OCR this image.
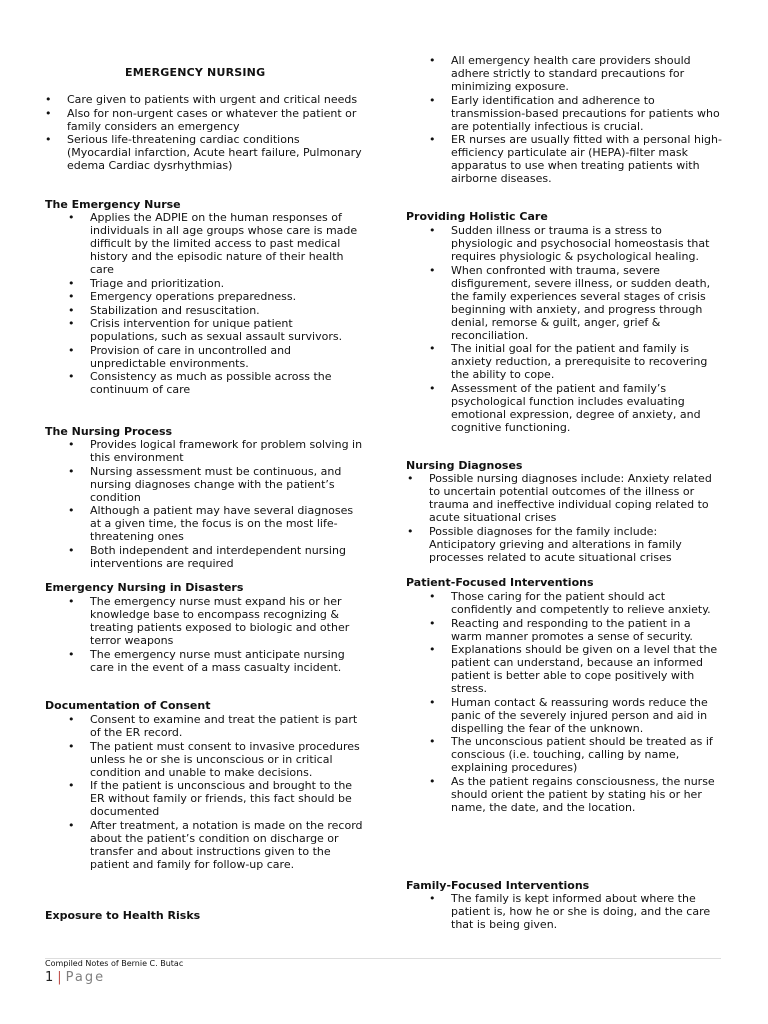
EMERGENCY NURSING
• Care given to patients with urgent and critical needs
• Also for non-urgent cases or whatever the patient or family considers an emergency
• Serious life-threatening cardiac conditions (Myocardial infarction, Acute heart failure, Pulmonary edema Cardiac dysrhythmias)
The Emergency Nurse
• Applies the ADPIE on the human responses of individuals in all age groups whose care is made difficult by the limited access to past medical history and the episodic nature of their health care
• Triage and prioritization.
• Emergency operations preparedness.
• Stabilization and resuscitation.
• Crisis intervention for unique patient populations, such as sexual assault survivors.
• Provision of care in uncontrolled and unpredictable environments.
• Consistency as much as possible across the continuum of care
The Nursing Process
• Provides logical framework for problem solving in this environment
• Nursing assessment must be continuous, and nursing diagnoses change with the patient’s condition
• Although a patient may have several diagnoses at a given time, the focus is on the most life-threatening ones
• Both independent and interdependent nursing interventions are required
Emergency Nursing in Disasters
• The emergency nurse must expand his or her knowledge base to encompass recognizing & treating patients exposed to biologic and other terror weapons
• The emergency nurse must anticipate nursing care in the event of a mass casualty incident.
Documentation of Consent
• Consent to examine and treat the patient is part of the ER record.
• The patient must consent to invasive procedures unless he or she is unconscious or in critical condition and unable to make decisions.
• If the patient is unconscious and brought to the ER without family or friends, this fact should be documented
• After treatment, a notation is made on the record about the patient’s condition on discharge or transfer and about instructions given to the patient and family for follow-up care.
Exposure to Health Risks
• All emergency health care providers should adhere strictly to standard precautions for minimizing exposure.
• Early identification and adherence to transmission-based precautions for patients who are potentially infectious is crucial.
• ER nurses are usually fitted with a personal high-efficiency particulate air (HEPA)-filter mask apparatus to use when treating patients with airborne diseases.
Providing Holistic Care
• Sudden illness or trauma is a stress to physiologic and psychosocial homeostasis that requires physiologic & psychological healing.
• When confronted with trauma, severe disfigurement, severe illness, or sudden death, the family experiences several stages of crisis beginning with anxiety, and progress through denial, remorse & guilt, anger, grief & reconciliation.
• The initial goal for the patient and family is anxiety reduction, a prerequisite to recovering the ability to cope.
• Assessment of the patient and family’s psychological function includes evaluating emotional expression, degree of anxiety, and cognitive functioning.
Nursing Diagnoses
• Possible nursing diagnoses include: Anxiety related to uncertain potential outcomes of the illness or trauma and ineffective individual coping related to acute situational crises
• Possible diagnoses for the family include: Anticipatory grieving and alterations in family processes related to acute situational crises
Patient-Focused Interventions
• Those caring for the patient should act confidently and competently to relieve anxiety.
• Reacting and responding to the patient in a warm manner promotes a sense of security.
• Explanations should be given on a level that the patient can understand, because an informed patient is better able to cope positively with stress.
• Human contact & reassuring words reduce the panic of the severely injured person and aid in dispelling the fear of the unknown.
• The unconscious patient should be treated as if conscious (i.e. touching, calling by name, explaining procedures)
• As the patient regains consciousness, the nurse should orient the patient by stating his or her name, the date, and the location.
Family-Focused Interventions
• The family is kept informed about where the patient is, how he or she is doing, and the care that is being given.
Compiled Notes of Bernie C. Butac
1 | Page
